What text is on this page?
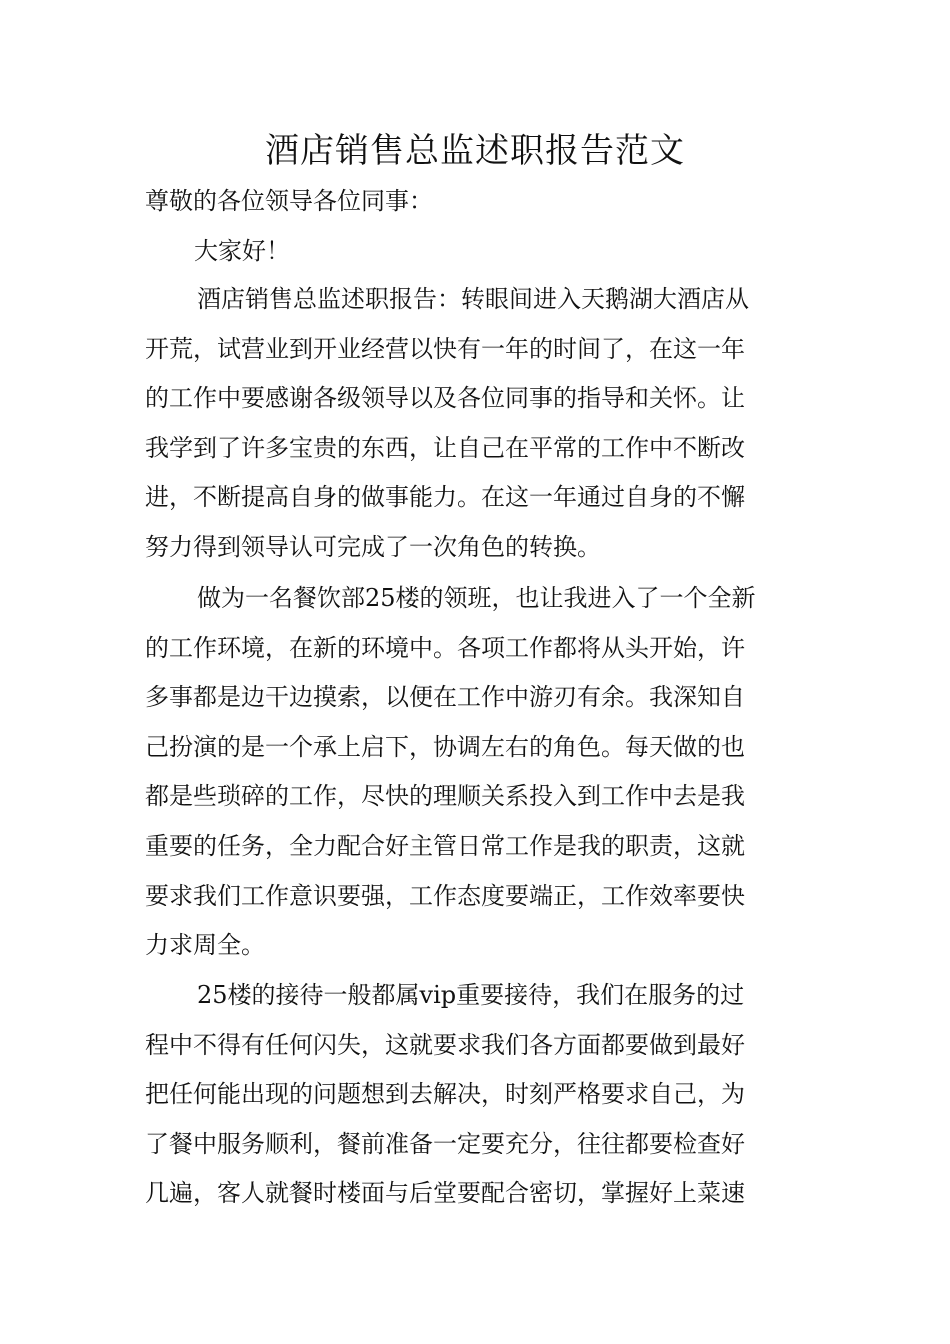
酒店销售总监述职报告范文

尊敬的各位领导各位同事：

大家好！

酒店销售总监述职报告：转眼间进入天鹅湖大酒店从
开荒，试营业到开业经营以快有一年的时间了，在这一年
的工作中要感谢各级领导以及各位同事的指导和关怀。让
我学到了许多宝贵的东西，让自己在平常的工作中不断改
进，不断提高自身的做事能力。在这一年通过自身的不懈
努力得到领导认可完成了一次角色的转换。
做为一名餐饮部25楼的领班，也让我进入了一个全新
的工作环境，在新的环境中。各项工作都将从头开始，许
多事都是边干边摸索，以便在工作中游刃有余。我深知自
己扮演的是一个承上启下，协调左右的角色。每天做的也
都是些琐碎的工作，尽快的理顺关系投入到工作中去是我
重要的任务，全力配合好主管日常工作是我的职责，这就
要求我们工作意识要强，工作态度要端正，工作效率要快
力求周全。
25楼的接待一般都属vip重要接待，我们在服务的过
程中不得有任何闪失，这就要求我们各方面都要做到最好
把任何能出现的问题想到去解决，时刻严格要求自己，为
了餐中服务顺利，餐前准备一定要充分，往往都要检查好
几遍，客人就餐时楼面与后堂要配合密切，掌握好上菜速
